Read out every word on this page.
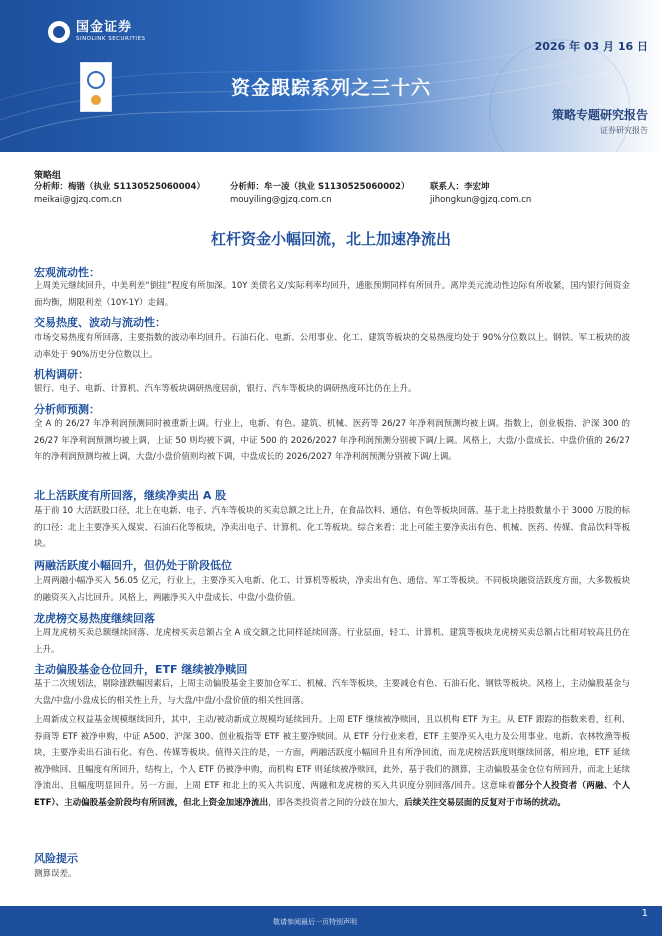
国金证券
SINOLINK SECURITIES
资金跟踪系列之三十六
2026 年 03 月 16 日
策略专题研究报告
证券研究报告
策略组
分析师：梅锴（执业 S1130525060004）
meikai@gjzq.com.cn
分析师：牟一凌（执业 S1130525060002）
mouyiling@gjzq.com.cn
联系人：李宏坤
jihongkun@gjzq.com.cn
杠杆资金小幅回流，北上加速净流出
宏观流动性：
上周美元继续回升，中美利差“倒挂”程度有所加深。10Y 美债名义/实际利率均回升，通胀预期同样有所回升。离岸美元流动性边际有所收紧，国内银行间资金面均衡，期限利差（10Y-1Y）走阔。
交易热度、波动与流动性：
市场交易热度有所回落，主要指数的波动率均回升。石油石化、电新、公用事业、化工、建筑等板块的交易热度均处于 90%分位数以上。钢铁、军工板块的波动率处于 90%历史分位数以上。
机构调研：
银行、电子、电新、计算机、汽车等板块调研热度居前，银行、汽车等板块的调研热度环比仍在上升。
分析师预测：
全 A 的 26/27 年净利润预测同时被重新上调。行业上，电新、有色、建筑、机械、医药等 26/27 年净利润预测均被上调。指数上，创业板指、沪深 300 的 26/27 年净利润预测均被上调，上证 50 则均被下调，中证 500 的 2026/2027 年净利润预测分别被下调/上调。风格上，大盘/小盘成长、中盘价值的 26/27 年的净利润预测均被上调，大盘/小盘价值则均被下调，中盘成长的 2026/2027 年净利润预测分别被下调/上调。
北上活跃度有所回落，继续净卖出 A 股
基于前 10 大活跃股口径，北上在电新、电子、汽车等板块的买卖总额之比上升，在食品饮料、通信、有色等板块回落。基于北上持股数量小于 3000 万股的标的口径：北上主要净买入煤炭、石油石化等板块，净卖出电子、计算机、化工等板块。综合来看：北上可能主要净卖出有色、机械、医药、传媒、食品饮料等板块。
两融活跃度小幅回升，但仍处于阶段低位
上周两融小幅净买入 56.05 亿元，行业上，主要净买入电新、化工、计算机等板块，净卖出有色、通信、军工等板块。不同板块融资活跃度方面，大多数板块的融资买入占比回升。风格上，两融净买入中盘成长、中盘/小盘价值。
龙虎榜交易热度继续回落
上周龙虎榜买卖总额继续回落、龙虎榜买卖总额占全 A 成交额之比同样延续回落。行业层面，轻工、计算机、建筑等板块龙虎榜买卖总额占比相对较高且仍在上升。
主动偏股基金仓位回升，ETF 继续被净赎回
基于二次规划法，剔除涨跌幅因素后，上周主动偏股基金主要加仓军工、机械、汽车等板块，主要减仓有色、石油石化、钢铁等板块。风格上，主动偏股基金与大盘/中盘/小盘成长的相关性上升，与大盘/中盘/小盘价值的相关性回落。
上周新成立权益基金规模继续回升，其中，主动/被动新成立规模均延续回升。上周 ETF 继续被净赎回，且以机构 ETF 为主。从 ETF 跟踪的指数来看，红利、券商等 ETF 被净申购，中证 A500、沪深 300、创业板指等 ETF 被主要净赎回。从 ETF 分行业来看，ETF 主要净买入电力及公用事业、电新、农林牧渔等板块，主要净卖出石油石化、有色、传媒等板块。值得关注的是，一方面，两融活跃度小幅回升且有所净回流，而龙虎榜活跃度则继续回落，相应地，ETF 延续被净赎回、且幅度有所回升，结构上，个人 ETF 仍被净申购，而机构 ETF 则延续被净赎回，此外，基于我们的测算，主动偏股基金仓位有所回升，而北上延续净流出、且幅度明显回升。另一方面，上周 ETF 和北上的买入共识度、两融和龙虎榜的买入共识度分别回落/回升。这意味着部分个人投资者（两融、个人 ETF）、主动偏股基金阶段均有所回流，但北上资金加速净流出，即各类投资者之间的分歧在加大，后续关注交易层面的反复对于市场的扰动。
风险提示
测算误差。
敬请参阅最后一页特别声明
1
